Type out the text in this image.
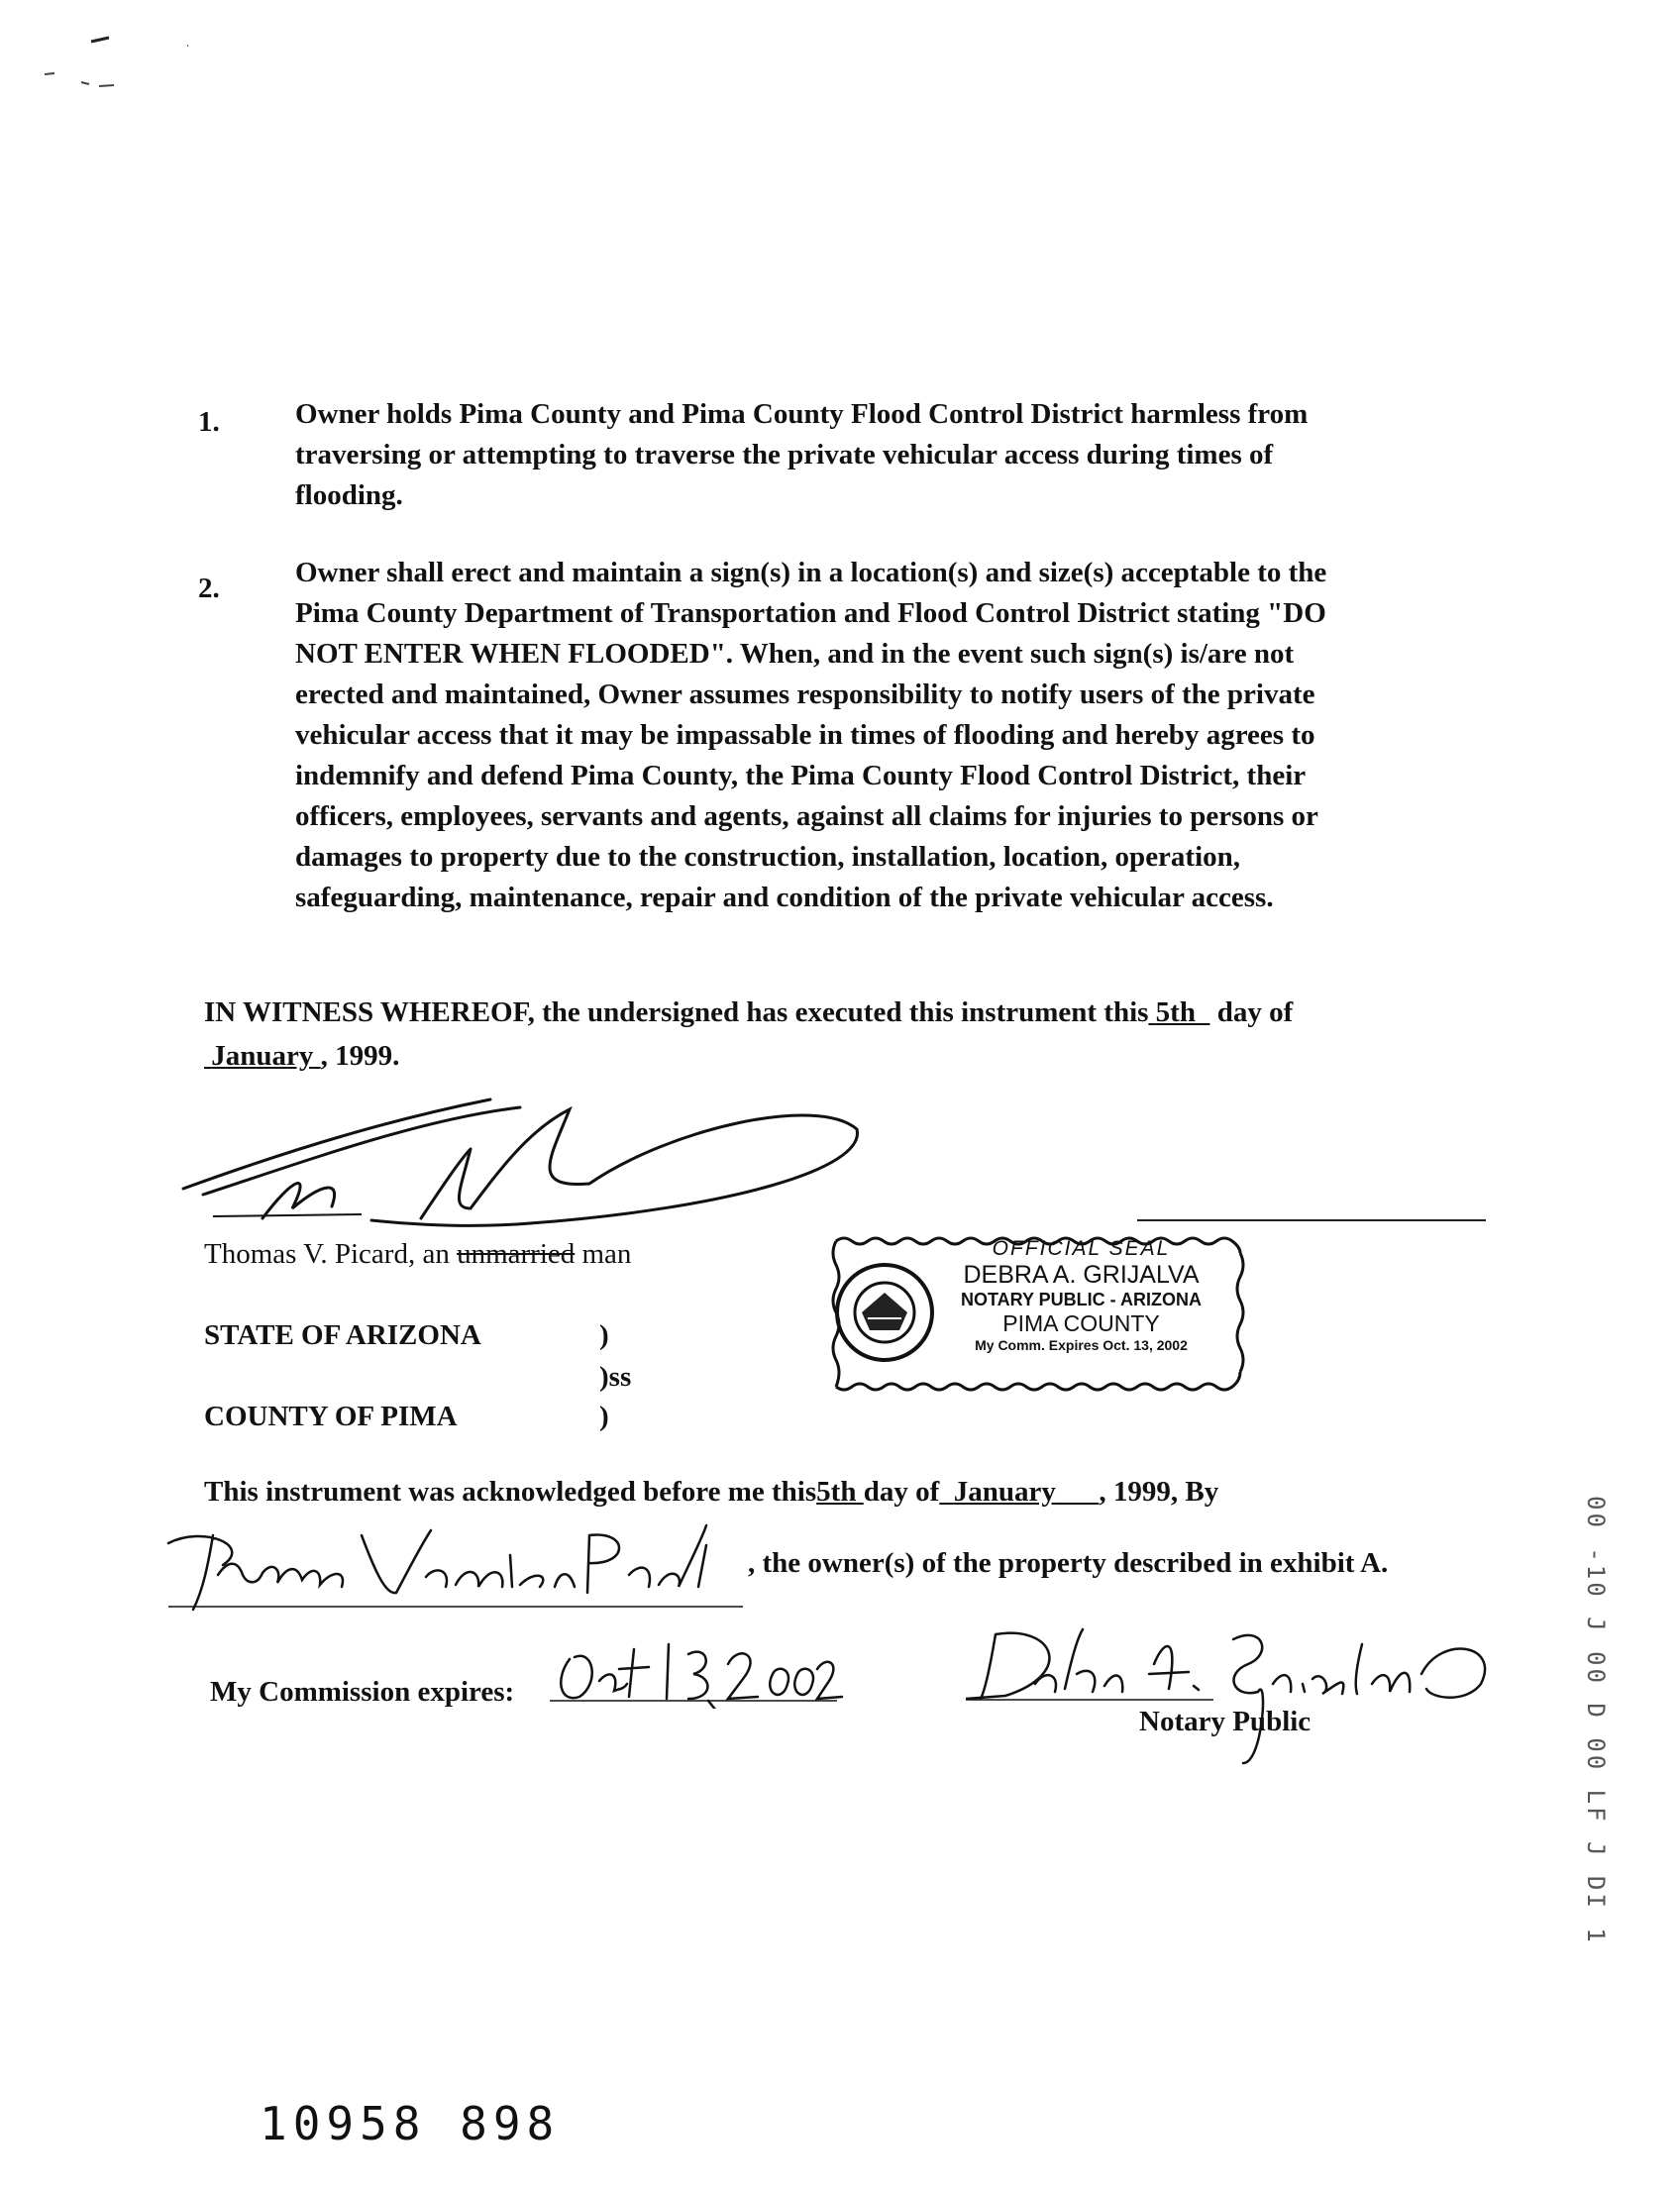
1.	Owner holds Pima County and Pima County Flood Control District harmless from
traversing or attempting to traverse the private vehicular access during times of
flooding.
2.	Owner shall erect and maintain a sign(s) in a location(s) and size(s) acceptable to the
Pima County Department of Transportation and Flood Control District stating "DO
NOT ENTER WHEN FLOODED". When, and in the event such sign(s) is/are not
erected and maintained, Owner assumes responsibility to notify users of the private
vehicular access that it may be impassable in times of flooding and hereby agrees to
indemnify and defend Pima County, the Pima County Flood Control District, their
officers, employees, servants and agents, against all claims for injuries to persons or
damages to property due to the construction, installation, location, operation,
safeguarding, maintenance, repair and condition of the private vehicular access.
IN WITNESS WHEREOF, the undersigned has executed this instrument this 5th day of
January , 1999.
Thomas V. Picard, an unmarried man	OFFICIAL SEAL
DEBRA A. GRIJALVA
NOTARY PUBLIC - ARIZONA
PIMA COUNTY
My Comm. Expires Oct. 13, 2002
STATE OF ARIZONA	)
)ss
COUNTY OF PIMA	)
This instrument was acknowledged before me this5th day of January , 1999, By
, the owner(s) of the property described in exhibit A.
My Commission expires:
Notary Public
10958 898
00 -10 J 00 D 00 LF J DI 1
